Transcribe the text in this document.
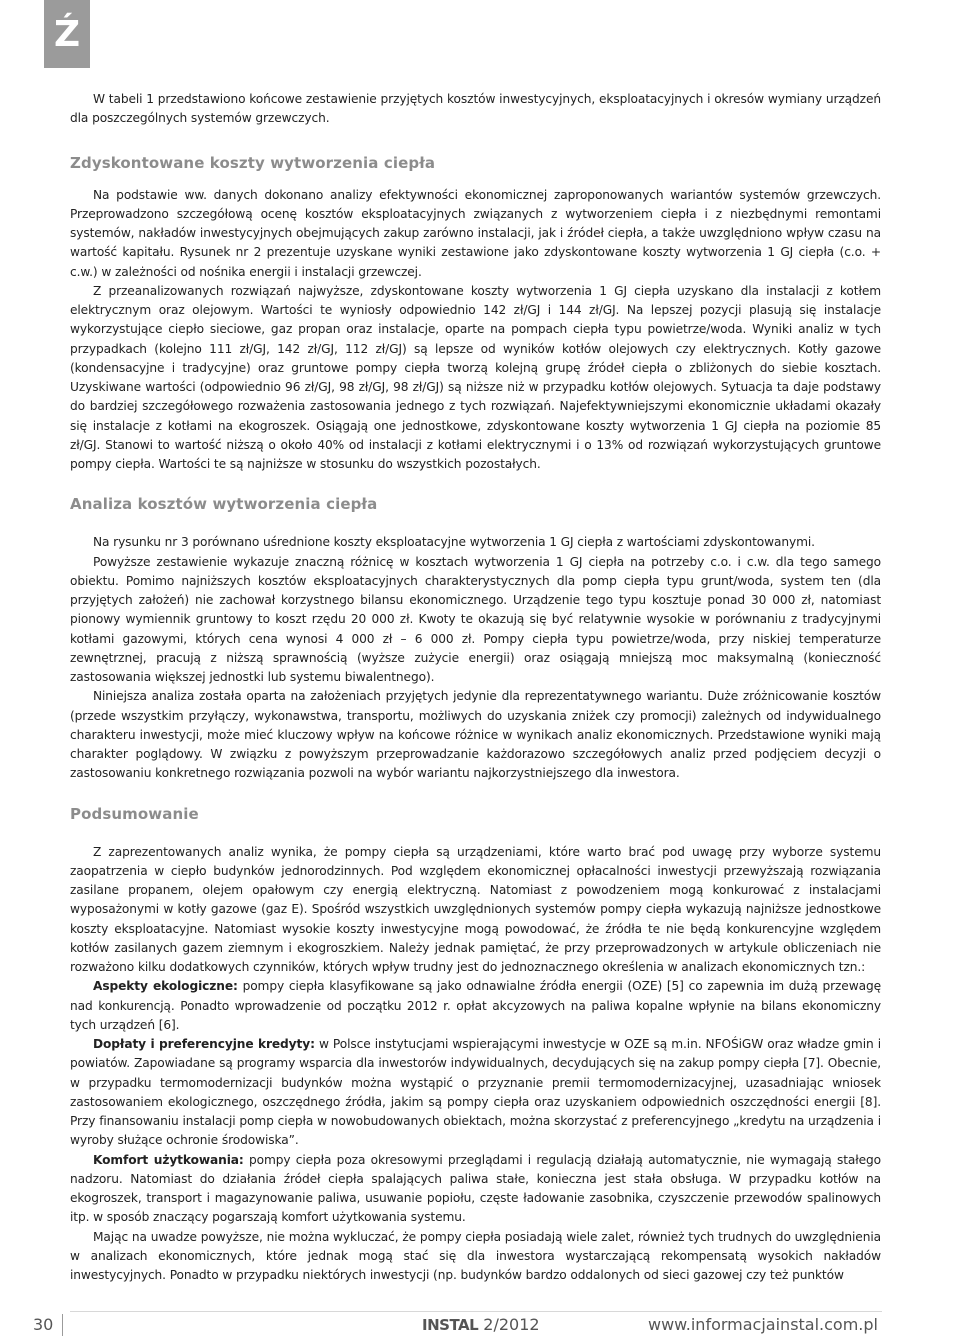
Ź

W tabeli 1 przedstawiono końcowe zestawienie przyjętych kosztów inwestycyjnych, eksploatacyjnych i okresów wymiany urządzeń dla poszczególnych systemów grzewczych.

Zdyskontowane koszty wytworzenia ciepła

Na podstawie ww. danych dokonano analizy efektywności ekonomicznej zaproponowanych wariantów systemów grzewczych. Przeprowadzono szczegółową ocenę kosztów eksploatacyjnych związanych z wytworzeniem ciepła i z niezbędnymi remontami systemów, nakładów inwestycyjnych obejmujących zakup zarówno instalacji, jak i źródeł ciepła, a także uwzględniono wpływ czasu na wartość kapitału. Rysunek nr 2 prezentuje uzyskane wyniki zestawione jako zdyskontowane koszty wytworzenia 1 GJ ciepła (c.o. + c.w.) w zależności od nośnika energii i instalacji grzewczej.

Z przeanalizowanych rozwiązań najwyższe, zdyskontowane koszty wytworzenia 1 GJ ciepła uzyskano dla instalacji z kotłem elektrycznym oraz olejowym. Wartości te wyniosły odpowiednio 142 zł/GJ i 144 zł/GJ. Na lepszej pozycji plasują się instalacje wykorzystujące ciepło sieciowe, gaz propan oraz instalacje, oparte na pompach ciepła typu powietrze/woda. Wyniki analiz w tych przypadkach (kolejno 111 zł/GJ, 142 zł/GJ, 112 zł/GJ) są lepsze od wyników kotłów olejowych czy elektrycznych. Kotły gazowe (kondensacyjne i tradycyjne) oraz gruntowe pompy ciepła tworzą kolejną grupę źródeł ciepła o zbliżonych do siebie kosztach. Uzyskiwane wartości (odpowiednio 96 zł/GJ, 98 zł/GJ, 98 zł/GJ) są niższe niż w przypadku kotłów olejowych. Sytuacja ta daje podstawy do bardziej szczegółowego rozważenia zastosowania jednego z tych rozwiązań. Najefektywniejszymi ekonomicznie układami okazały się instalacje z kotłami na ekogroszek. Osiągają one jednostkowe, zdyskontowane koszty wytworzenia 1 GJ ciepła na poziomie 85 zł/GJ. Stanowi to wartość niższą o około 40% od instalacji z kotłami elektrycznymi i o 13% od rozwiązań wykorzystujących gruntowe pompy ciepła. Wartości te są najniższe w stosunku do wszystkich pozostałych.

Analiza kosztów wytworzenia ciepła

Na rysunku nr 3 porównano uśrednione koszty eksploatacyjne wytworzenia 1 GJ ciepła z wartościami zdyskontowanymi.

Powyższe zestawienie wykazuje znaczną różnicę w kosztach wytworzenia 1 GJ ciepła na potrzeby c.o. i c.w. dla tego samego obiektu. Pomimo najniższych kosztów eksploatacyjnych charakterystycznych dla pomp ciepła typu grunt/woda, system ten (dla przyjętych założeń) nie zachował korzystnego bilansu ekonomicznego. Urządzenie tego typu kosztuje ponad 30 000 zł, natomiast pionowy wymiennik gruntowy to koszt rzędu 20 000 zł. Kwoty te okazują się być relatywnie wysokie w porównaniu z tradycyjnymi kotłami gazowymi, których cena wynosi 4 000 zł – 6 000 zł. Pompy ciepła typu powietrze/woda, przy niskiej temperaturze zewnętrznej, pracują z niższą sprawnością (wyższe zużycie energii) oraz osiągają mniejszą moc maksymalną (konieczność zastosowania większej jednostki lub systemu biwalentnego).

Niniejsza analiza została oparta na założeniach przyjętych jedynie dla reprezentatywnego wariantu. Duże zróżnicowanie kosztów (przede wszystkim przyłączy, wykonawstwa, transportu, możliwych do uzyskania zniżek czy promocji) zależnych od indywidualnego charakteru inwestycji, może mieć kluczowy wpływ na końcowe różnice w wynikach analiz ekonomicznych. Przedstawione wyniki mają charakter poglądowy. W związku z powyższym przeprowadzanie każdorazowo szczegółowych analiz przed podjęciem decyzji o zastosowaniu konkretnego rozwiązania pozwoli na wybór wariantu najkorzystniejszego dla inwestora.

Podsumowanie

Z zaprezentowanych analiz wynika, że pompy ciepła są urządzeniami, które warto brać pod uwagę przy wyborze systemu zaopatrzenia w ciepło budynków jednorodzinnych. Pod względem ekonomicznej opłacalności inwestycji przewyższają rozwiązania zasilane propanem, olejem opałowym czy energią elektryczną. Natomiast z powodzeniem mogą konkurować z instalacjami wyposażonymi w kotły gazowe (gaz E). Spośród wszystkich uwzględnionych systemów pompy ciepła wykazują najniższe jednostkowe koszty eksploatacyjne. Natomiast wysokie koszty inwestycyjne mogą powodować, że źródła te nie będą konkurencyjne względem kotłów zasilanych gazem ziemnym i ekogroszkiem. Należy jednak pamiętać, że przy przeprowadzonych w artykule obliczeniach nie rozważono kilku dodatkowych czynników, których wpływ trudny jest do jednoznacznego określenia w analizach ekonomicznych tzn.:

Aspekty ekologiczne: pompy ciepła klasyfikowane są jako odnawialne źródła energii (OZE) [5] co zapewnia im dużą przewagę nad konkurencją. Ponadto wprowadzenie od początku 2012 r. opłat akcyzowych na paliwa kopalne wpłynie na bilans ekonomiczny tych urządzeń [6].

Dopłaty i preferencyjne kredyty: w Polsce instytucjami wspierającymi inwestycje w OZE są m.in. NFOŚiGW oraz władze gmin i powiatów. Zapowiadane są programy wsparcia dla inwestorów indywidualnych, decydujących się na zakup pompy ciepła [7]. Obecnie, w przypadku termomodernizacji budynków można wystąpić o przyznanie premii termomodernizacyjnej, uzasadniając wniosek zastosowaniem ekologicznego, oszczędnego źródła, jakim są pompy ciepła oraz uzyskaniem odpowiednich oszczędności energii [8]. Przy finansowaniu instalacji pomp ciepła w nowobudowanych obiektach, można skorzystać z preferencyjnego „kredytu na urządzenia i wyroby służące ochronie środowiska”.

Komfort użytkowania: pompy ciepła poza okresowymi przeglądami i regulacją działają automatycznie, nie wymagają stałego nadzoru. Natomiast do działania źródeł ciepła spalających paliwa stałe, konieczna jest stała obsługa. W przypadku kotłów na ekogroszek, transport i magazynowanie paliwa, usuwanie popiołu, częste ładowanie zasobnika, czyszczenie przewodów spalinowych itp. w sposób znaczący pogarszają komfort użytkowania systemu.

Mając na uwadze powyższe, nie można wykluczać, że pompy ciepła posiadają wiele zalet, również tych trudnych do uwzględnienia w analizach ekonomicznych, które jednak mogą stać się dla inwestora wystarczającą rekompensatą wysokich nakładów inwestycyjnych. Ponadto w przypadku niektórych inwestycji (np. budynków bardzo oddalonych od sieci gazowej czy też punktów

30	INSTAL 2/2012	www.informacjainstal.com.pl
